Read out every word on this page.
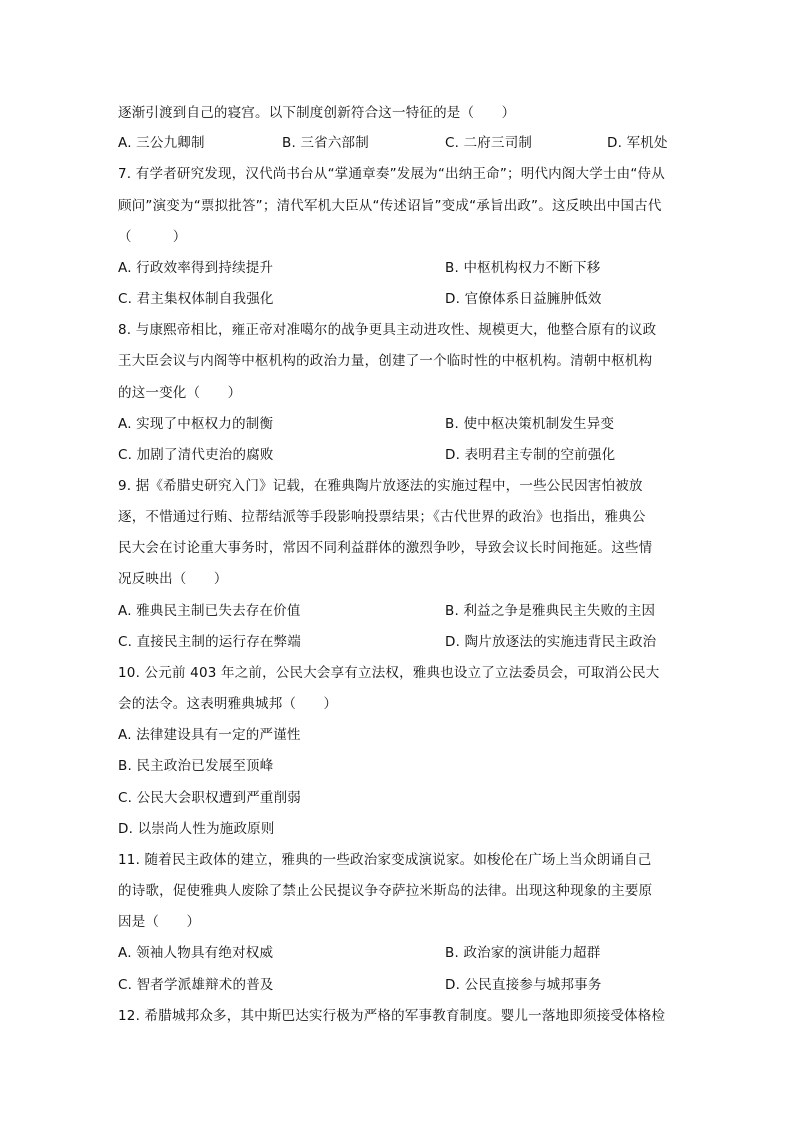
逐渐引渡到自己的寝宫。以下制度创新符合这一特征的是（　　）
A. 三公九卿制	B. 三省六部制	C. 二府三司制	D. 军机处
7. 有学者研究发现，汉代尚书台从“掌通章奏”发展为“出纳王命”；明代内阁大学士由“侍从
顾问”演变为“票拟批答”；清代军机大臣从“传述诏旨”变成“承旨出政”。这反映出中国古代
（　　　）
A. 行政效率得到持续提升	B. 中枢机构权力不断下移
C. 君主集权体制自我强化	D. 官僚体系日益臃肿低效
8. 与康熙帝相比，雍正帝对准噶尔的战争更具主动进攻性、规模更大，他整合原有的议政
王大臣会议与内阁等中枢机构的政治力量，创建了一个临时性的中枢机构。清朝中枢机构
的这一变化（　　）
A. 实现了中枢权力的制衡	B. 使中枢决策机制发生异变
C. 加剧了清代吏治的腐败	D. 表明君主专制的空前强化
9. 据《希腊史研究入门》记载，在雅典陶片放逐法的实施过程中，一些公民因害怕被放
逐，不惜通过行贿、拉帮结派等手段影响投票结果；《古代世界的政治》也指出，雅典公
民大会在讨论重大事务时，常因不同利益群体的激烈争吵，导致会议长时间拖延。这些情
况反映出（　　）
A. 雅典民主制已失去存在价值	B. 利益之争是雅典民主失败的主因
C. 直接民主制的运行存在弊端	D. 陶片放逐法的实施违背民主政治
10. 公元前 403 年之前，公民大会享有立法权，雅典也设立了立法委员会，可取消公民大
会的法令。这表明雅典城邦（　　）
A. 法律建设具有一定的严谨性
B. 民主政治已发展至顶峰
C. 公民大会职权遭到严重削弱
D. 以崇尚人性为施政原则
11. 随着民主政体的建立，雅典的一些政治家变成演说家。如梭伦在广场上当众朗诵自己
的诗歌，促使雅典人废除了禁止公民提议争夺萨拉米斯岛的法律。出现这种现象的主要原
因是（　　）
A. 领袖人物具有绝对权威	B. 政治家的演讲能力超群
C. 智者学派雄辩术的普及	D. 公民直接参与城邦事务
12. 希腊城邦众多，其中斯巴达实行极为严格的军事教育制度。婴儿一落地即须接受体格检
